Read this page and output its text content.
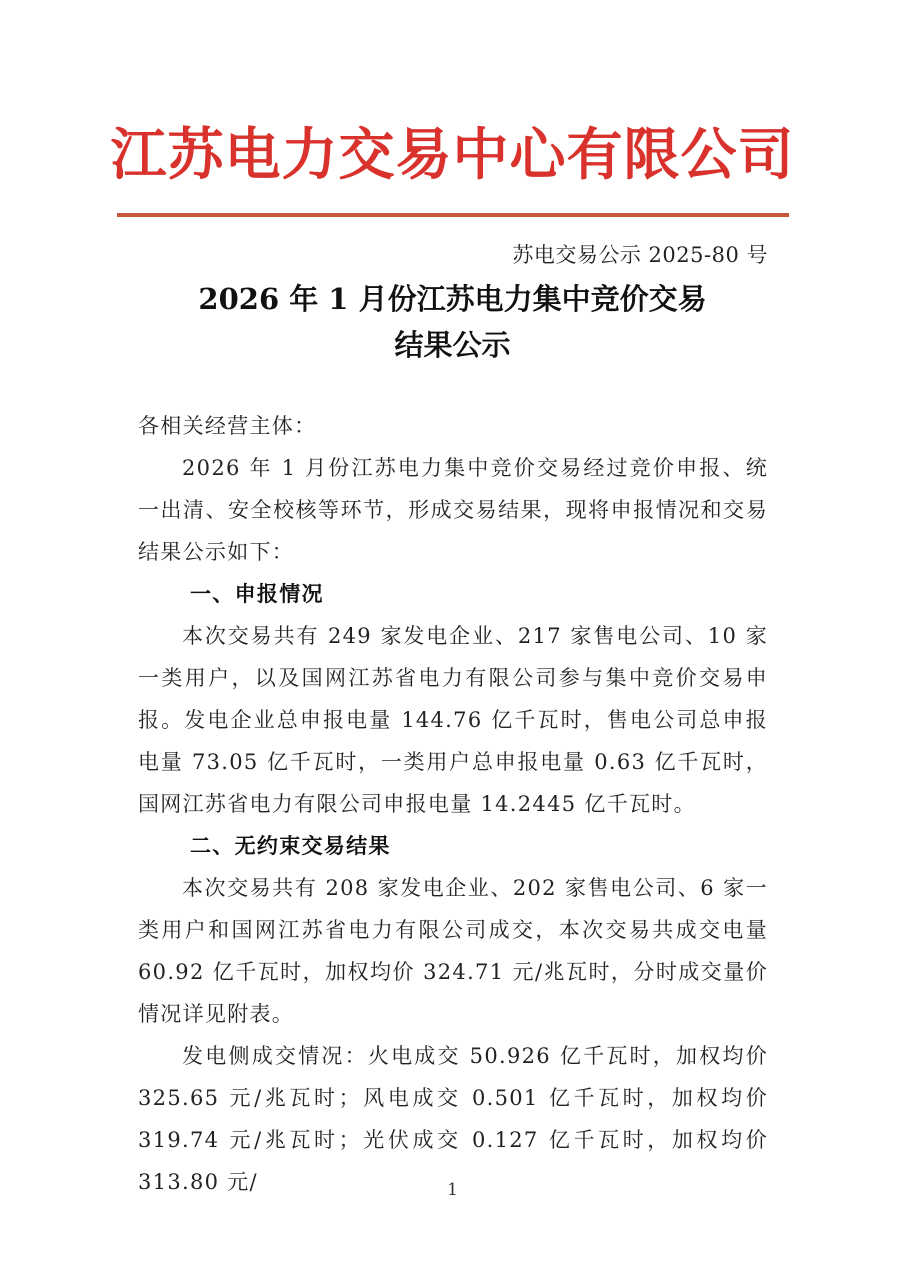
江苏电力交易中心有限公司
苏电交易公示 2025-80 号
2026 年 1 月份江苏电力集中竞价交易
结果公示

各相关经营主体：

2026 年 1 月份江苏电力集中竞价交易经过竞价申报、统一出清、安全校核等环节，形成交易结果，现将申报情况和交易结果公示如下：

一、申报情况

本次交易共有 249 家发电企业、217 家售电公司、10 家一类用户，以及国网江苏省电力有限公司参与集中竞价交易申报。发电企业总申报电量 144.76 亿千瓦时，售电公司总申报电量 73.05 亿千瓦时，一类用户总申报电量 0.63 亿千瓦时，国网江苏省电力有限公司申报电量 14.2445 亿千瓦时。

二、无约束交易结果

本次交易共有 208 家发电企业、202 家售电公司、6 家一类用户和国网江苏省电力有限公司成交，本次交易共成交电量 60.92 亿千瓦时，加权均价 324.71 元/兆瓦时，分时成交量价情况详见附表。

发电侧成交情况：火电成交 50.926 亿千瓦时，加权均价 325.65 元/兆瓦时；风电成交 0.501 亿千瓦时，加权均价 319.74 元/兆瓦时；光伏成交 0.127 亿千瓦时，加权均价 313.80 元/	1
